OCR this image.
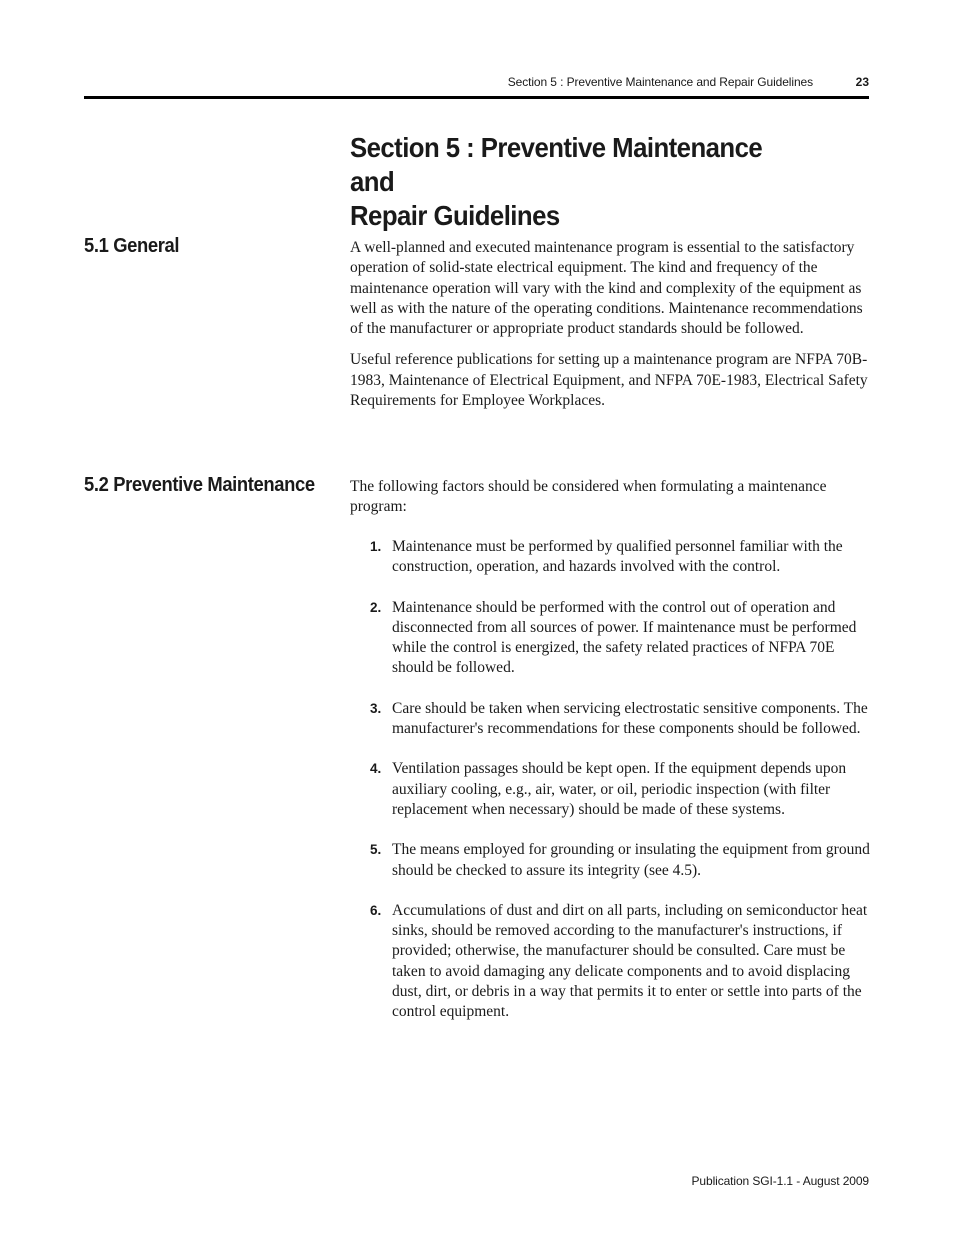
Section 5 : Preventive Maintenance and Repair Guidelines	23
Section 5 : Preventive Maintenance and
Repair Guidelines
5.1 General	A well-planned and executed maintenance program is essential to the satisfactory operation of solid-state electrical equipment. The kind and frequency of the maintenance operation will vary with the kind and complexity of the equipment as well as with the nature of the operating conditions. Maintenance recommendations of the manufacturer or appropriate product standards should be followed.

Useful reference publications for setting up a maintenance program are NFPA 70B-1983, Maintenance of Electrical Equipment, and NFPA 70E-1983, Electrical Safety Requirements for Employee Workplaces.

5.2 Preventive Maintenance	The following factors should be considered when formulating a maintenance program:

1. Maintenance must be performed by qualified personnel familiar with the construction, operation, and hazards involved with the control.
2. Maintenance should be performed with the control out of operation and disconnected from all sources of power. If maintenance must be performed while the control is energized, the safety related practices of NFPA 70E should be followed.
3. Care should be taken when servicing electrostatic sensitive components. The manufacturer's recommendations for these components should be followed.
4. Ventilation passages should be kept open. If the equipment depends upon auxiliary cooling, e.g., air, water, or oil, periodic inspection (with filter replacement when necessary) should be made of these systems.
5. The means employed for grounding or insulating the equipment from ground should be checked to assure its integrity (see 4.5).
6. Accumulations of dust and dirt on all parts, including on semiconductor heat sinks, should be removed according to the manufacturer's instructions, if provided; otherwise, the manufacturer should be consulted. Care must be taken to avoid damaging any delicate components and to avoid displacing dust, dirt, or debris in a way that permits it to enter or settle into parts of the control equipment.
Publication SGI-1.1 - August 2009
